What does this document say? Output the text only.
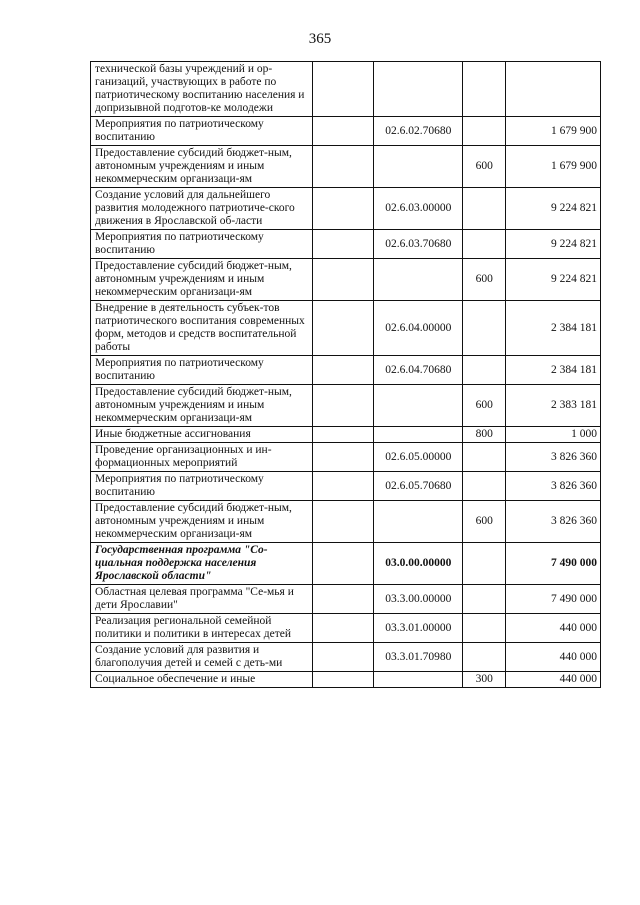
365
технической базы учреждений и ор-ганизаций, участвующих в работе по патриотическому воспитанию населения и допризывной подготов-ке молодежи				
Мероприятия по патриотическому воспитанию		02.6.02.70680		1 679 900
Предоставление субсидий бюджет-ным, автономным учреждениям и иным некоммерческим организаци-ям			600	1 679 900
Создание условий для дальнейшего развития молодежного патриотиче-ского движения в Ярославской об-ласти		02.6.03.00000		9 224 821
Мероприятия по патриотическому воспитанию		02.6.03.70680		9 224 821
Предоставление субсидий бюджет-ным, автономным учреждениям и иным некоммерческим организаци-ям			600	9 224 821
Внедрение в деятельность субъек-тов патриотического воспитания современных форм, методов и средств воспитательной работы		02.6.04.00000		2 384 181
Мероприятия по патриотическому воспитанию		02.6.04.70680		2 384 181
Предоставление субсидий бюджет-ным, автономным учреждениям и иным некоммерческим организаци-ям			600	2 383 181
Иные бюджетные ассигнования			800	1 000
Проведение организационных и ин-формационных мероприятий		02.6.05.00000		3 826 360
Мероприятия по патриотическому воспитанию		02.6.05.70680		3 826 360
Предоставление субсидий бюджет-ным, автономным учреждениям и иным некоммерческим организаци-ям			600	3 826 360
Государственная программа "Со-циальная поддержка населения Ярославской области"		03.0.00.00000		7 490 000
Областная целевая программа "Се-мья и дети Ярославии"		03.3.00.00000		7 490 000
Реализация региональной семейной политики и политики в интересах детей		03.3.01.00000		440 000
Создание условий для развития и благополучия детей и семей с деть-ми		03.3.01.70980		440 000
Социальное обеспечение и иные			300	440 000
